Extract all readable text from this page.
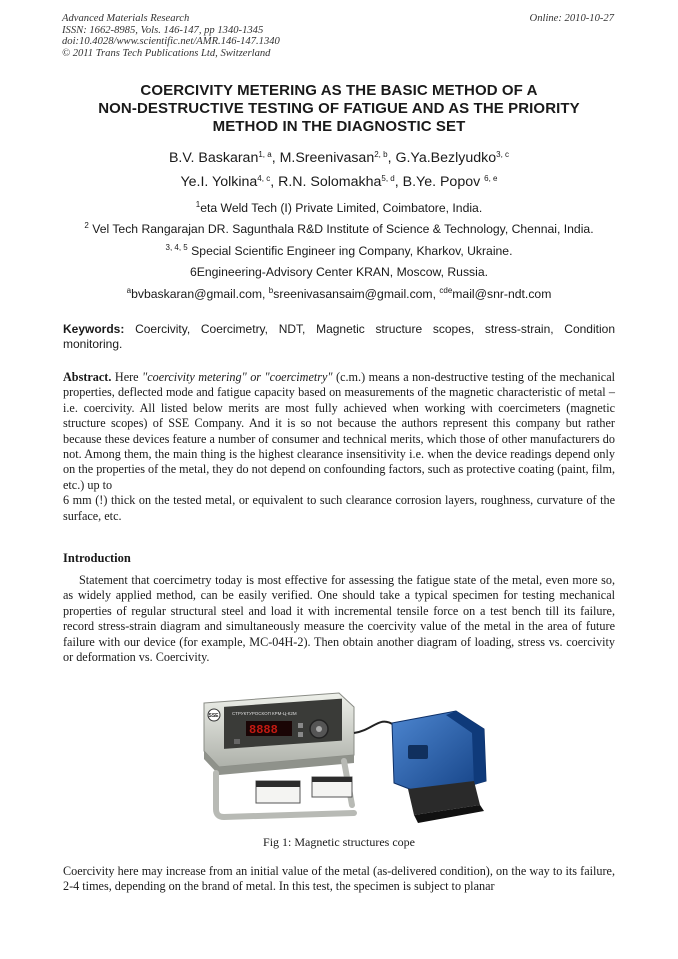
Advanced Materials Research
ISSN: 1662-8985, Vols. 146-147, pp 1340-1345
doi:10.4028/www.scientific.net/AMR.146-147.1340
© 2011 Trans Tech Publications Ltd, Switzerland
Online: 2010-10-27
COERCIVITY METERING AS THE BASIC METHOD OF A
NON-DESTRUCTIVE TESTING OF FATIGUE AND AS THE PRIORITY
METHOD IN THE DIAGNOSTIC SET
B.V. Baskaran$^{1, a}$, M.Sreenivasan$^{2, b}$, G.Ya.Bezlyudko$^{3, c}$
Ye.I. Yolkina$^{4, c}$, R.N. Solomakha$^{5, d}$, B.Ye. Popov $^{6, e}$
$^1$eta Weld Tech (I) Private Limited, Coimbatore, India.
$^2$ Vel Tech Rangarajan DR. Sagunthala R&D Institute of Science & Technology, Chennai, India.
$^{3, 4, 5}$ Special Scientific Engineer ing Company, Kharkov, Ukraine.
6Engineering-Advisory Center KRAN, Moscow, Russia.
$^a$bvbaskaran@gmail.com, $^b$sreenivasansaim@gmail.com, $^{cde}$mail@snr-ndt.com
Keywords: Coercivity, Coercimetry, NDT, Magnetic structure scopes, stress-strain, Condition monitoring.
Abstract. Here "coercivity metering" or "coercimetry" (c.m.) means a non-destructive testing of the mechanical properties, deflected mode and fatigue capacity based on measurements of the magnetic characteristic of metal – i.e. coercivity. All listed below merits are most fully achieved when working with coercimeters (magnetic structure scopes) of SSE Company. And it is so not because the authors represent this company but rather because these devices feature a number of consumer and technical merits, which those of other manufacturers do not. Among them, the main thing is the highest clearance insensitivity i.e. when the device readings depend only on the properties of the metal, they do not depend on confounding factors, such as protective coating (paint, film, etc.) up to
6 mm (!) thick on the tested metal, or equivalent to such clearance corrosion layers, roughness, curvature of the surface, etc.
Introduction
Statement that coercimetry today is most effective for assessing the fatigue state of the metal, even more so, as widely applied method, can be easily verified. One should take a typical specimen for testing mechanical properties of regular structural steel and load it with incremental tensile force on a test bench till its failure, record stress-strain diagram and simultaneously measure the coercivity value of the metal in the area of future failure with our device (for example, MC-04H-2). Then obtain another diagram of loading, stress vs. coercivity or deformation vs. Coercivity.
СТРУКТУРОСКОП КРМ-Ц-К2М
SSE
8888
Fig 1: Magnetic structures cope
Coercivity here may increase from an initial value of the metal (as-delivered condition), on the way to its failure, 2-4 times, depending on the brand of metal. In this test, the specimen is subject to planar
